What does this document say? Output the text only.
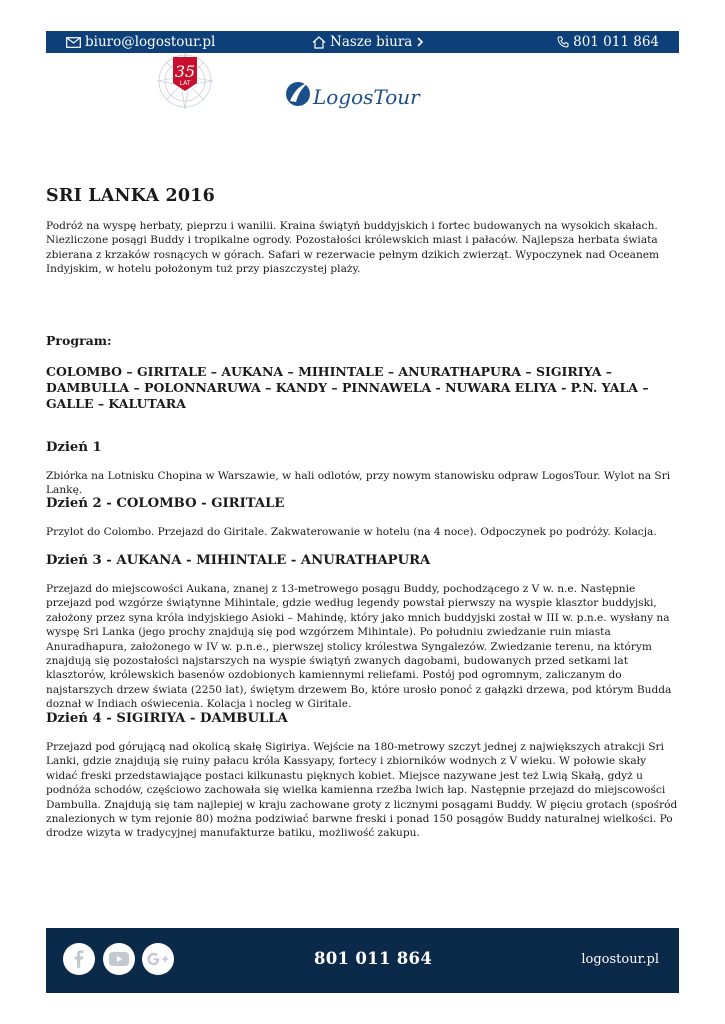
biuro@logostour.pl	Nasze biura	801 011 864
35
LAT
LogosTour
SRI LANKA 2016

Podróż na wyspę herbaty, pieprzu i wanilii. Kraina świątyń buddyjskich i fortec budowanych na wysokich skałach. Niezliczone posągi Buddy i tropikalne ogrody. Pozostałości królewskich miast i pałaców. Najlepsza herbata świata zbierana z krzaków rosnących w górach. Safari w rezerwacie pełnym dzikich zwierząt. Wypoczynek nad Oceanem Indyjskim, w hotelu położonym tuż przy piaszczystej plaży.

Program:

COLOMBO – GIRITALE – AUKANA – MIHINTALE – ANURATHAPURA – SIGIRIYA – DAMBULLA – POLONNARUWA – KANDY – PINNAWELA - NUWARA ELIYA - P.N. YALA – GALLE – KALUTARA

Dzień 1

Zbiórka na Lotnisku Chopina w Warszawie, w hali odlotów, przy nowym stanowisku odpraw LogosTour. Wylot na Sri Lankę.

Dzień 2 - COLOMBO - GIRITALE

Przylot do Colombo. Przejazd do Giritale. Zakwaterowanie w hotelu (na 4 noce). Odpoczynek po podróży. Kolacja.

Dzień 3 - AUKANA - MIHINTALE - ANURATHAPURA

Przejazd do miejscowości Aukana, znanej z 13-metrowego posągu Buddy, pochodzącego z V w. n.e. Następnie przejazd pod wzgórze świątynne Mihintale, gdzie według legendy powstał pierwszy na wyspie klasztor buddyjski, założony przez syna króla indyjskiego Asioki – Mahindę, który jako mnich buddyjski został w III w. p.n.e. wysłany na wyspę Sri Lanka (jego prochy znajdują się pod wzgórzem Mihintale). Po południu zwiedzanie ruin miasta Anuradhapura, założonego w IV w. p.n.e., pierwszej stolicy królestwa Syngalezów. Zwiedzanie terenu, na którym znajdują się pozostałości najstarszych na wyspie świątyń zwanych dagobami, budowanych przed setkami lat klasztorów, królewskich basenów ozdobionych kamiennymi reliefami. Postój pod ogromnym, zaliczanym do najstarszych drzew świata (2250 lat), świętym drzewem Bo, które urosło ponoć z gałązki drzewa, pod którym Budda doznał w Indiach oświecenia. Kolacja i nocleg w Giritale.

Dzień 4 - SIGIRIYA - DAMBULLA

Przejazd pod górującą nad okolicą skałę Sigiriya. Wejście na 180-metrowy szczyt jednej z największych atrakcji Sri Lanki, gdzie znajdują się ruiny pałacu króla Kassyapy, fortecy i zbiorników wodnych z V wieku. W połowie skały widać freski przedstawiające postaci kilkunastu pięknych kobiet. Miejsce nazywane jest też Lwią Skałą, gdyż u podnóża schodów, częściowo zachowała się wielka kamienna rzeźba lwich łap. Następnie przejazd do miejscowości Dambulla. Znajdują się tam najlepiej w kraju zachowane groty z licznymi posągami Buddy. W pięciu grotach (spośród znalezionych w tym rejonie 80) można podziwiać barwne freski i ponad 150 posągów Buddy naturalnej wielkości. Po drodze wizyta w tradycyjnej manufakturze batiku, możliwość zakupu.

801 011 864	logostour.pl
